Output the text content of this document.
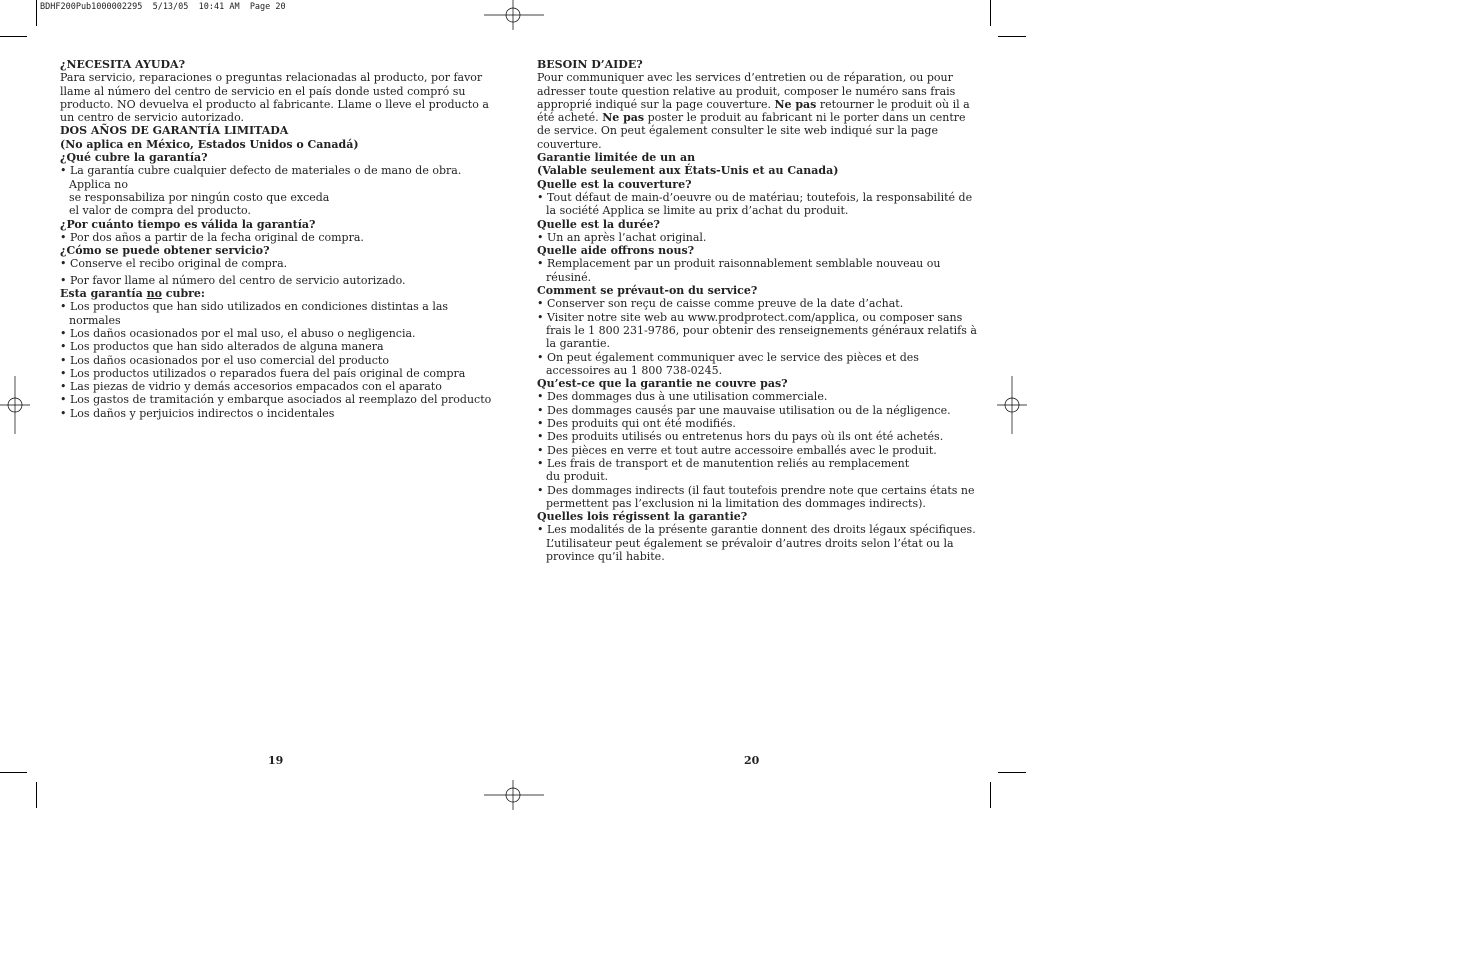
BDHF200Pub1000002295  5/13/05  10:41 AM  Page 20

¿NECESITA AYUDA?

Para servicio, reparaciones o preguntas relacionadas al producto, por favor llame al número del centro de servicio en el país donde usted compró su producto. NO devuelva el producto al fabricante. Llame o lleve el producto a un centro de servicio autorizado.

DOS AÑOS DE GARANTÍA LIMITADA

(No aplica en México, Estados Unidos o Canadá)

¿Qué cubre la garantía?

• La garantía cubre cualquier defecto de materiales o de mano de obra. Applica no

se responsabiliza por ningún costo que exceda

el valor de compra del producto.

¿Por cuánto tiempo es válida la garantía?

• Por dos años a partir de la fecha original de compra.

¿Cómo se puede obtener servicio?

• Conserve el recibo original de compra.

• Por favor llame al número del centro de servicio autorizado.

Esta garantía no cubre:

• Los productos que han sido utilizados en condiciones distintas a las normales

• Los daños ocasionados por el mal uso, el abuso o negligencia.

• Los productos que han sido alterados de alguna manera

• Los daños ocasionados por el uso comercial del producto

• Los productos utilizados o reparados fuera del país original de compra

• Las piezas de vidrio y demás accesorios empacados con el aparato

• Los gastos de tramitación y embarque asociados al reemplazo del producto

• Los daños y perjuicios indirectos o incidentales

BESOIN D’AIDE?

Pour communiquer avec les services d’entretien ou de réparation, ou pour adresser toute question relative au produit, composer le numéro sans frais approprié indiqué sur la page couverture. Ne pas retourner le produit où il a été acheté. Ne pas poster le produit au fabricant ni le porter dans un centre de service. On peut également consulter le site web indiqué sur la page couverture.

Garantie limitée de un an

(Valable seulement aux États-Unis et au Canada)

Quelle est la couverture?

• Tout défaut de main-d’oeuvre ou de matériau; toutefois, la responsabilité de la société Applica se limite au prix d’achat du produit.

Quelle est la durée?

• Un an après l’achat original.

Quelle aide offrons nous?

• Remplacement par un produit raisonnablement semblable nouveau ou réusiné.

Comment se prévaut-on du service?

• Conserver son reçu de caisse comme preuve de la date d’achat.

• Visiter notre site web au www.prodprotect.com/applica, ou composer sans frais le 1 800 231-9786, pour obtenir des renseignements généraux relatifs à la garantie.

• On peut également communiquer avec le service des pièces et des accessoires au 1 800 738-0245.

Qu’est-ce que la garantie ne couvre pas?

• Des dommages dus à une utilisation commerciale.

• Des dommages causés par une mauvaise utilisation ou de la négligence.

• Des produits qui ont été modifiés.

• Des produits utilisés ou entretenus hors du pays où ils ont été achetés.

• Des pièces en verre et tout autre accessoire emballés avec le produit.

• Les frais de transport et de manutention reliés au remplacement

du produit.

• Des dommages indirects (il faut toutefois prendre note que certains états ne permettent pas l’exclusion ni la limitation des dommages indirects).

Quelles lois régissent la garantie?

• Les modalités de la présente garantie donnent des droits légaux spécifiques. L’utilisateur peut également se prévaloir d’autres droits selon l’état ou la province qu’il habite.

19	20
